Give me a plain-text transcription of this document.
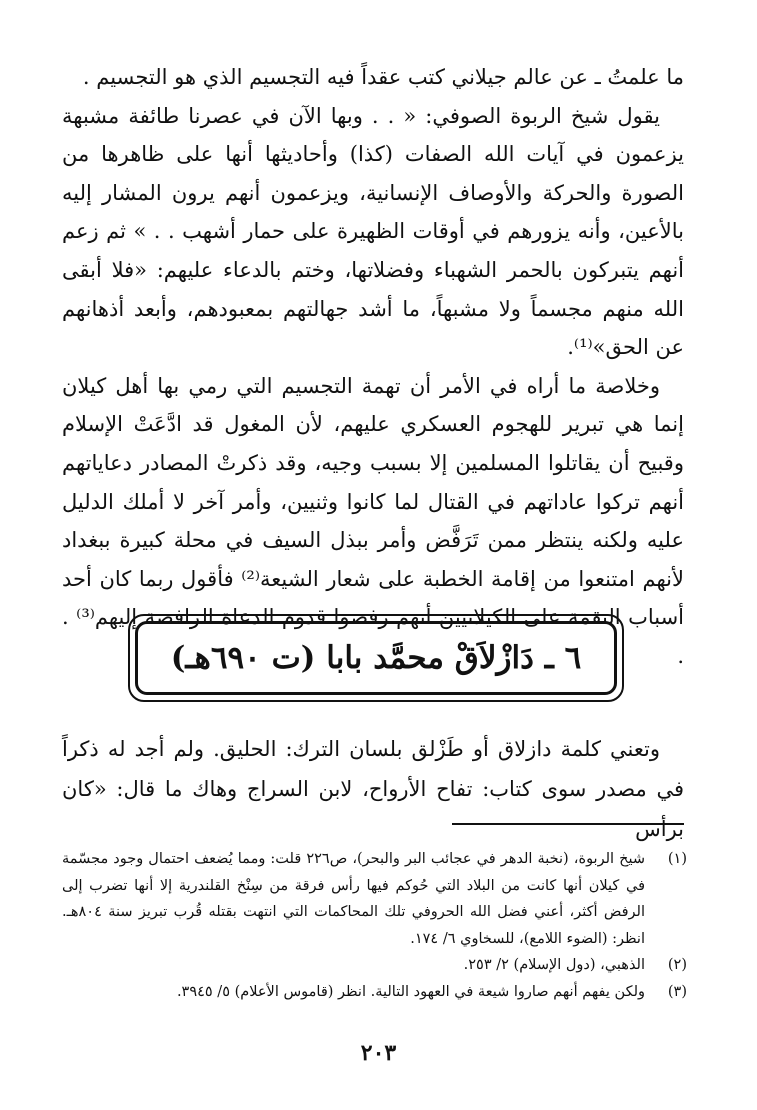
ما علمتُ ـ عن عالم جيلاني كتب عقداً فيه التجسيم الذي هو التجسيم .

يقول شيخ الربوة الصوفي: « . . وبها الآن في عصرنا طائفة مشبهة يزعمون في آيات الله الصفات (كذا) وأحاديثها أنها على ظاهرها من الصورة والحركة والأوصاف الإنسانية، ويزعمون أنهم يرون المشار إليه بالأعين، وأنه يزورهم في أوقات الظهيرة على حمار أشهب . . » ثم زعم أنهم يتبركون بالحمر الشهباء وفضلاتها، وختم بالدعاء عليهم: «فلا أبقى الله منهم مجسماً ولا مشبهاً، ما أشد جهالتهم بمعبودهم، وأبعد أذهانهم عن الحق»⁽¹⁾.

وخلاصة ما أراه في الأمر أن تهمة التجسيم التي رمي بها أهل كيلان إنما هي تبرير للهجوم العسكري عليهم، لأن المغول قد ادَّعَتْ الإسلام وقبيح أن يقاتلوا المسلمين إلا بسبب وجيه، وقد ذكرتْ المصادر دعاياتهم أنهم تركوا عاداتهم في القتال لما كانوا وثنيين، وأمر آخر لا أملك الدليل عليه ولكنه ينتظر ممن تَرَفَّض وأمر ببذل السيف في محلة كبيرة ببغداد لأنهم امتنعوا من إقامة الخطبة على شعار الشيعة⁽²⁾ فأقول ربما كان أحد أسباب النقمة على الكيلانيين أنهم رفضوا قدوم الدعاة الرافضة إليهم⁽³⁾ . .

٦ ـ دَازْلاَقْ محمَّد بابا (ت ٦٩٠هـ)

وتعني كلمة دازلاق أو طَزْلق بلسان الترك: الحليق. ولم أجد له ذكراً في مصدر سوى كتاب: تفاح الأرواح، لابن السراج وهاك ما قال: «كان برأس

(١)
شيخ الربوة، (نخبة الدهر في عجائب البر والبحر)، ص٢٢٦ قلت: ومما يُضعف احتمال وجود مجسّمة في كيلان أنها كانت من البلاد التي حُوكم فيها رأس فرقة من سِنْخ القلندرية إلا أنها تضرب إلى الرفض أكثر، أعني فضل الله الحروفي تلك المحاكمات التي انتهت بقتله قُرب تبريز سنة ٨٠٤هـ. انظر: (الضوء اللامع)، للسخاوي ٦/ ١٧٤.
(٢)
الذهبي، (دول الإسلام) ٢/ ٢٥٣.
(٣)
ولكن يفهم أنهم صاروا شيعة في العهود التالية. انظر (قاموس الأعلام) ٥/ ٣٩٤٥.
٢٠٣
